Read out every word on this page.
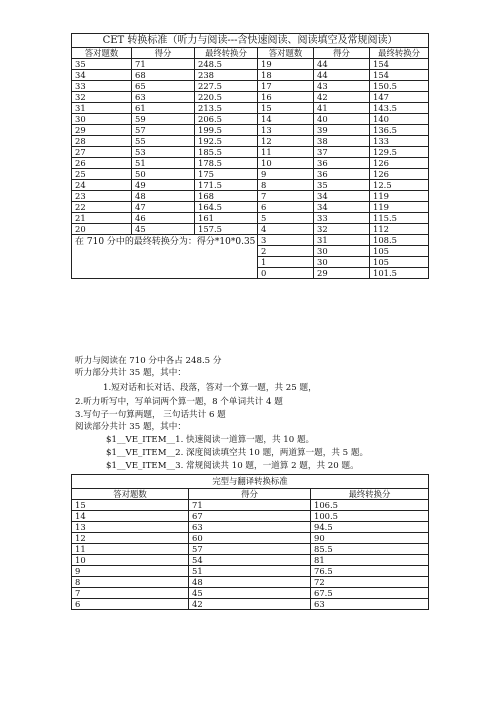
CET 转换标准（听力与阅读---含快速阅读、阅读填空及常规阅读）					
答对题数	得分	最终转换分	答对题数	得分	最终转换分
35	71	248.5	19	44	154
34	68	238	18	44	154
33	65	227.5	17	43	150.5
32	63	220.5	16	42	147
31	61	213.5	15	41	143.5
30	59	206.5	14	40	140
29	57	199.5	13	39	136.5
28	55	192.5	12	38	133
27	53	185.5	11	37	129.5
26	51	178.5	10	36	126
25	50	175	9	36	126
24	49	171.5	8	35	12.5
23	48	168	7	34	119
22	47	164.5	6	34	119
21	46	161	5	33	115.5
20	45	157.5	4	32	112
在 710 分中的最终转换分为：得分*10*0.35			3	31	108.5
			2	30	105
			1	30	105
			0	29	101.5
听力与阅读在 710 分中各占 248.5 分
听力部分共计 35 题，其中：
1.短对话和长对话、段落，答对一个算一题，共 25 题，
2.听力听写中，写单词两个算一题，8 个单词共计 4 题
3.写句子一句算两题， 三句话共计 6 题
阅读部分共计 35 题，其中：
$1__VE_ITEM__1. 快速阅读一道算一题，共 10 题。
$1__VE_ITEM__2. 深度阅读填空共 10 题，两道算一题，共 5 题。
$1__VE_ITEM__3. 常规阅读共 10 题，一道算 2 题，共 20 题。
完型与翻译转换标准		
答对题数	得分	最终转换分
15	71	106.5
14	67	100.5
13	63	94.5
12	60	90
11	57	85.5
10	54	81
9	51	76.5
8	48	72
7	45	67.5
6	42	63
